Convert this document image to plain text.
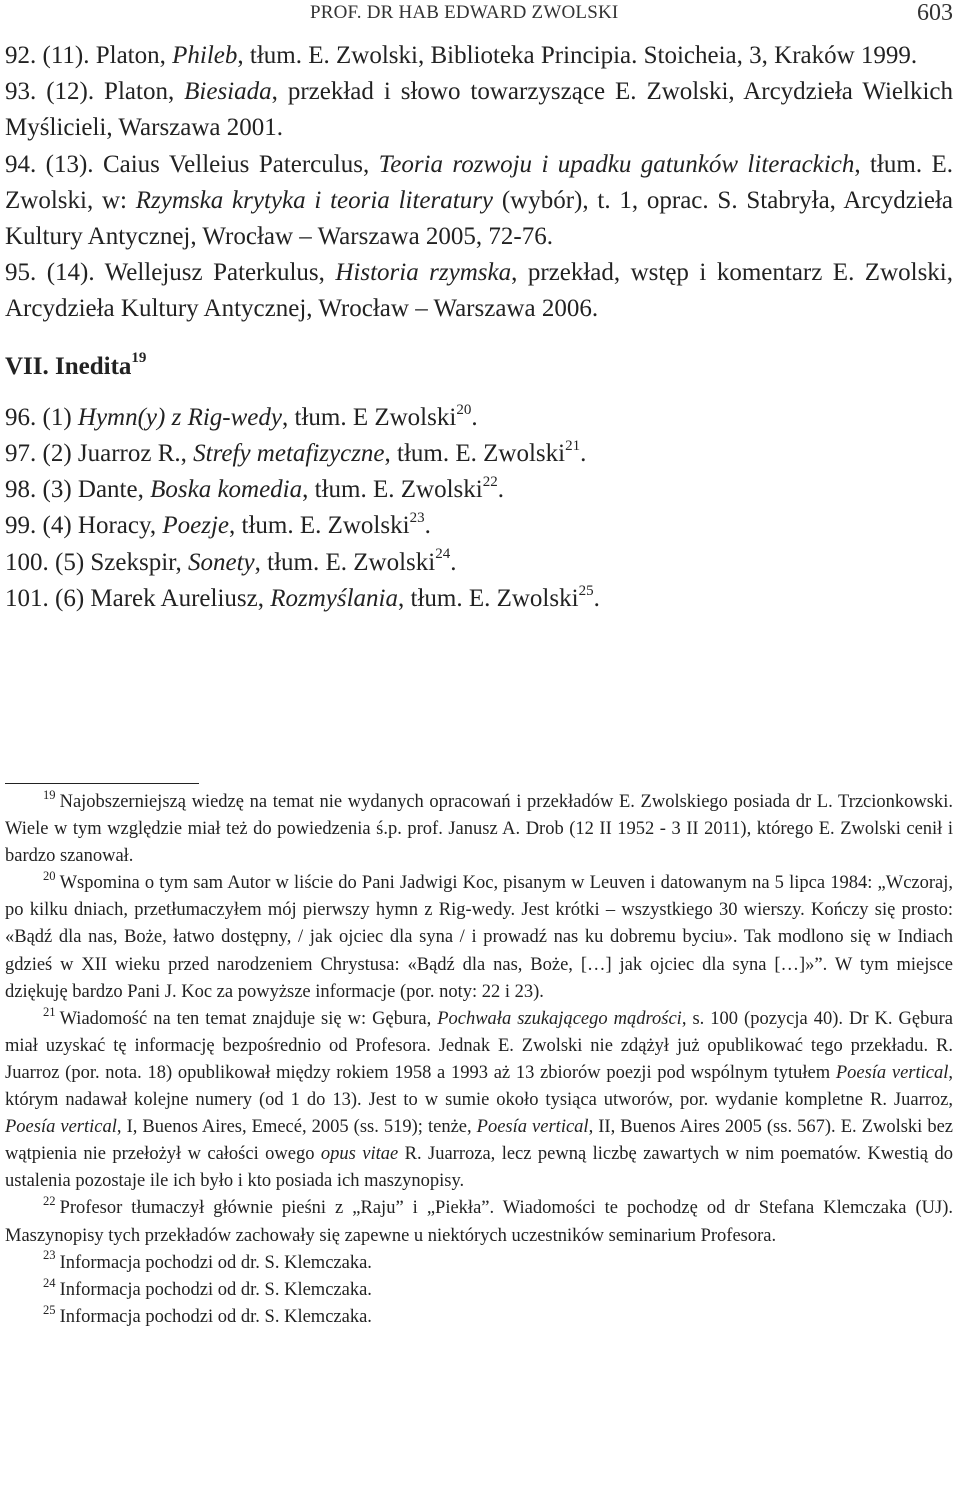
PROF. DR HAB EDWARD ZWOLSKI	603

92. (11). Platon, Phileb, tłum. E. Zwolski, Biblioteka Principia. Stoicheia, 3, Kraków 1999.

93. (12). Platon, Biesiada, przekład i słowo towarzyszące E. Zwolski, Arcydzieła Wielkich Myślicieli, Warszawa 2001.

94. (13). Caius Velleius Paterculus, Teoria rozwoju i upadku gatunków literackich, tłum. E. Zwolski, w: Rzymska krytyka i teoria literatury (wybór), t. 1, oprac. S. Stabryła, Arcydzieła Kultury Antycznej, Wrocław – Warszawa 2005, 72-76.

95. (14). Wellejusz Paterkulus, Historia rzymska, przekład, wstęp i komentarz E. Zwolski, Arcydzieła Kultury Antycznej, Wrocław – Warszawa 2006.

VII. Inedita$^{19}$

96. (1) Hymn(y) z Rig-wedy, tłum. E Zwolski$^{20}$.

97. (2) Juarroz R., Strefy metafizyczne, tłum. E. Zwolski$^{21}$.

98. (3) Dante, Boska komedia, tłum. E. Zwolski$^{22}$.

99. (4) Horacy, Poezje, tłum. E. Zwolski$^{23}$.

100. (5) Szekspir, Sonety, tłum. E. Zwolski$^{24}$.

101. (6) Marek Aureliusz, Rozmyślania, tłum. E. Zwolski$^{25}$.

$^{19}$ Najobszerniejszą wiedzę na temat nie wydanych opracowań i przekładów E. Zwolskiego posiada dr L. Trzcionkowski. Wiele w tym względzie miał też do powiedzenia ś.p. prof. Janusz A. Drob (12 II 1952 - 3 II 2011), którego E. Zwolski cenił i bardzo szanował.

$^{20}$ Wspomina o tym sam Autor w liście do Pani Jadwigi Koc, pisanym w Leuven i datowanym na 5 lipca 1984: „Wczoraj, po kilku dniach, przetłumaczyłem mój pierwszy hymn z Rig-wedy. Jest krótki – wszystkiego 30 wierszy. Kończy się prosto: «Bądź dla nas, Boże, łatwo dostępny, / jak ojciec dla syna / i prowadź nas ku dobremu byciu». Tak modlono się w Indiach gdzieś w XII wieku przed narodzeniem Chrystusa: «Bądź dla nas, Boże, […] jak ojciec dla syna […]»”. W tym miejsce dziękuję bardzo Pani J. Koc za powyższe informacje (por. noty: 22 i 23).

$^{21}$ Wiadomość na ten temat znajduje się w: Gębura, Pochwała szukającego mądrości, s. 100 (pozycja 40). Dr K. Gębura miał uzyskać tę informację bezpośrednio od Profesora. Jednak E. Zwolski nie zdążył już opublikować tego przekładu. R. Juarroz (por. nota. 18) opublikował między rokiem 1958 a 1993 aż 13 zbiorów poezji pod wspólnym tytułem Poesía vertical, którym nadawał kolejne numery (od 1 do 13). Jest to w sumie około tysiąca utworów, por. wydanie kompletne R. Juarroz, Poesía vertical, I, Buenos Aires, Emecé, 2005 (ss. 519); tenże, Poesía vertical, II, Buenos Aires 2005 (ss. 567). E. Zwolski bez wątpienia nie przełożył w całości owego opus vitae R. Juarroza, lecz pewną liczbę zawartych w nim poematów. Kwestią do ustalenia pozostaje ile ich było i kto posiada ich maszynopisy.

$^{22}$ Profesor tłumaczył głównie pieśni z „Raju” i „Piekła”. Wiadomości te pochodzę od dr Stefana Klemczaka (UJ). Maszynopisy tych przekładów zachowały się zapewne u niektórych uczestników seminarium Profesora.

$^{23}$ Informacja pochodzi od dr. S. Klemczaka.

$^{24}$ Informacja pochodzi od dr. S. Klemczaka.

$^{25}$ Informacja pochodzi od dr. S. Klemczaka.
